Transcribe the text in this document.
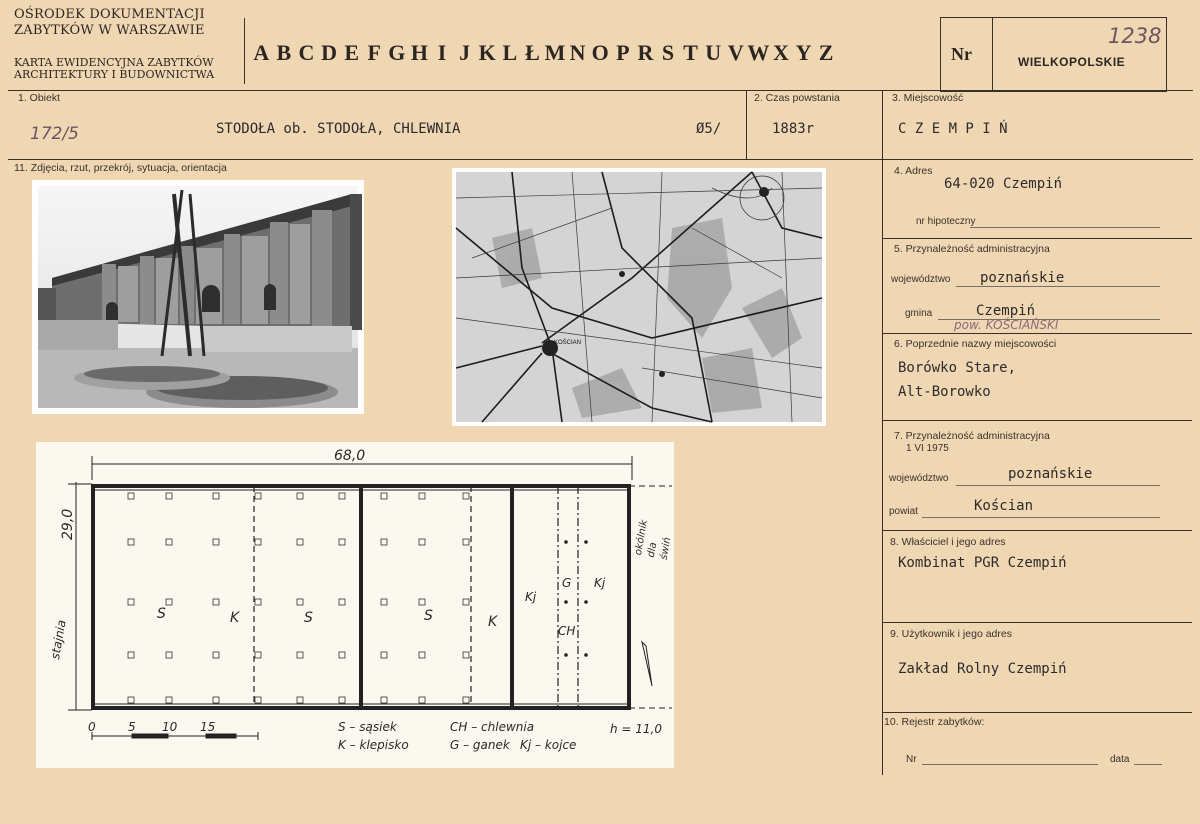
OŚRODEK DOKUMENTACJI
ZABYTKÓW W WARSZAWIE
KARTA EWIDENCYJNA ZABYTKÓW
ARCHITEKTURY I BUDOWNICTWA
A B C D E F G H I J K L Ł M N O P R S T U V W X Y Z	Nr	WIELKOPOLSKIE
1238
1. Obiekt
172/5	STODOŁA ob. STODOŁA, CHLEWNIA	Ø5/
2. Czas powstania
1883r
3. Miejscowość
C Z E M P I Ń
11. Zdjęcia, rzut, przekrój, sytuacja, orientacja
KOŚCIAN
68,0
29,0
stajnia
okólnik dla świń
S	K	S	S	K
Kj
Kj
G
CH
0	5 10 15	S – sąsiek
K – klepisko
CH – chlewnia
G – ganek Kj – kojce
h = 11,0
4. Adres
64-020 Czempiń
nr hipoteczny
5. Przynależność administracyjna
województwo poznańskie
gmina	Czempiń
pow. KOŚCIAŃSKI
6. Poprzednie nazwy miejscowości
Borówko Stare,
Alt-Borowko
7. Przynależność administracyjna
1 VI 1975
województwo	poznańskie
powiat	Kościan
8. Właściciel i jego adres
Kombinat PGR Czempiń
9. Użytkownik i jego adres
Zakład Rolny Czempiń
10. Rejestr zabytków:
Nr	data
